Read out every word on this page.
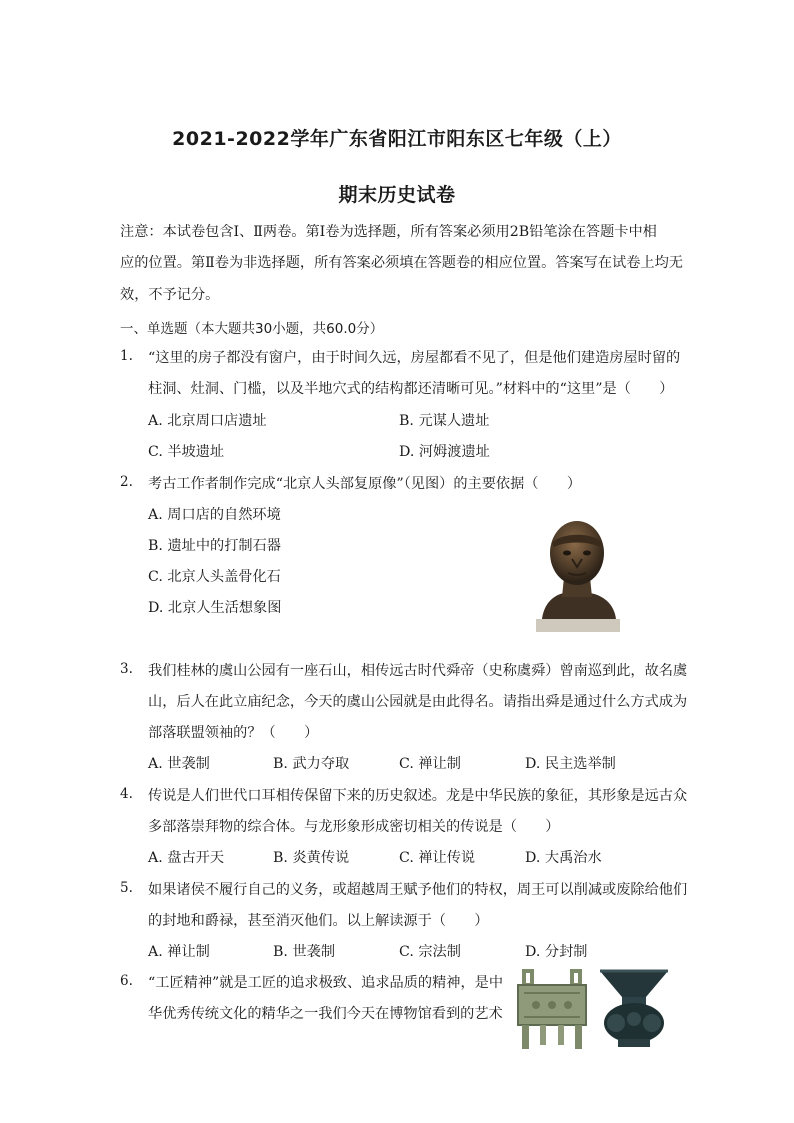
2021-2022学年广东省阳江市阳东区七年级（上）
期末历史试卷
注意：本试卷包含Ⅰ、Ⅱ两卷。第Ⅰ卷为选择题，所有答案必须用2B铅笔涂在答题卡中相
应的位置。第Ⅱ卷为非选择题，所有答案必须填在答题卷的相应位置。答案写在试卷上均无
效，不予记分。
一、单选题（本大题共30小题，共60.0分）
1. “这里的房子都没有窗户，由于时间久远，房屋都看不见了，但是他们建造房屋时留的
柱洞、灶洞、门槛，以及半地穴式的结构都还清晰可见。”材料中的“这里”是（　　）
A. 北京周口店遗址	B. 元谋人遗址
C. 半坡遗址	D. 河姆渡遗址
2. 考古工作者制作完成“北京人头部复原像”（见图）的主要依据（　　）
A. 周口店的自然环境
B. 遗址中的打制石器
C. 北京人头盖骨化石
D. 北京人生活想象图
3. 我们桂林的虞山公园有一座石山，相传远古时代舜帝（史称虞舜）曾南巡到此，故名虞
山，后人在此立庙纪念，今天的虞山公园就是由此得名。请指出舜是通过什么方式成为
部落联盟领袖的？（　　）
A. 世袭制	B. 武力夺取	C. 禅让制	D. 民主选举制
4. 传说是人们世代口耳相传保留下来的历史叙述。龙是中华民族的象征，其形象是远古众
多部落崇拜物的综合体。与龙形象形成密切相关的传说是（　　）
A. 盘古开天	B. 炎黄传说	C. 禅让传说	D. 大禹治水
5. 如果诸侯不履行自己的义务，或超越周王赋予他们的特权，周王可以削减或废除给他们
的封地和爵禄，甚至消灭他们。以上解读源于（　　）
A. 禅让制	B. 世袭制	C. 宗法制	D. 分封制
6. “工匠精神”就是工匠的追求极致、追求品质的精神，是中
华优秀传统文化的精华之一我们今天在博物馆看到的艺术
